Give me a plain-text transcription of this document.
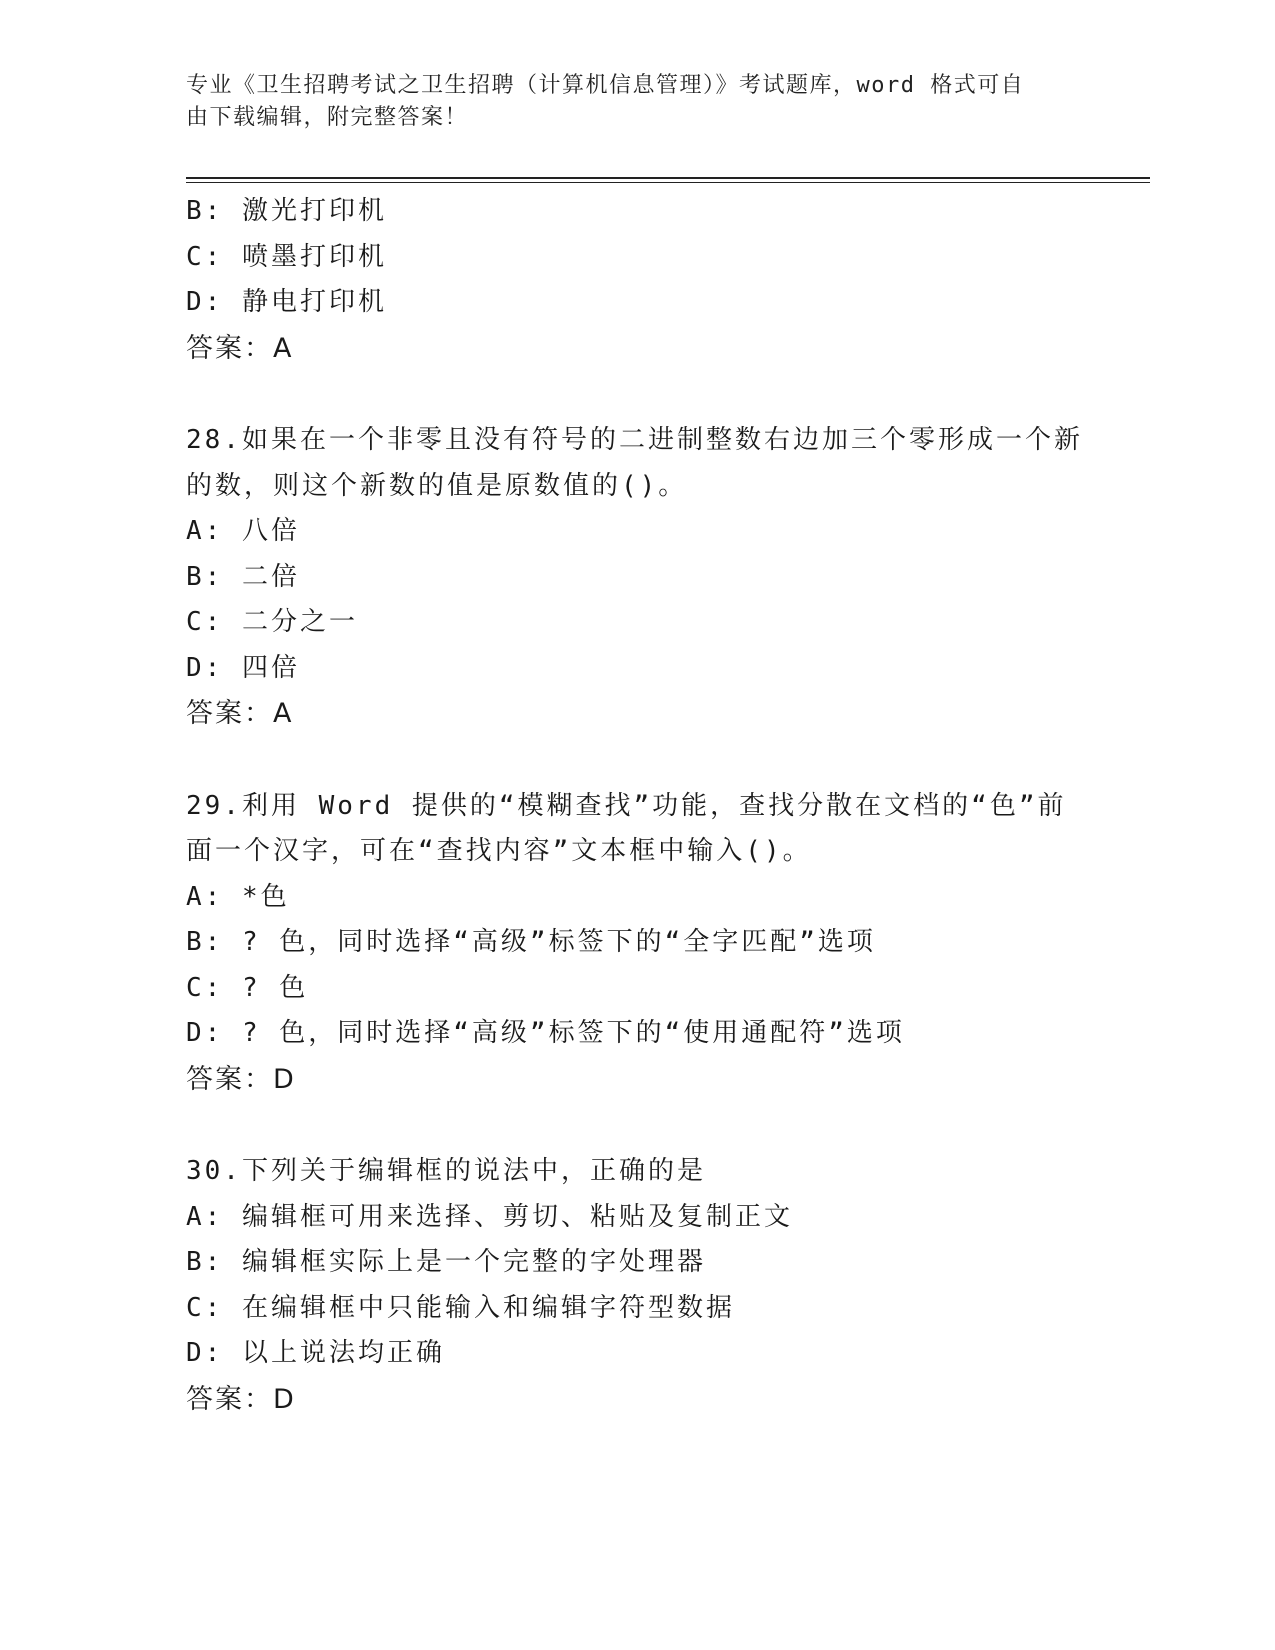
专业《卫生招聘考试之卫生招聘（计算机信息管理）》考试题库，word 格式可自
由下载编辑，附完整答案！
B: 激光打印机
C: 喷墨打印机
D: 静电打印机
答案：A
28.如果在一个非零且没有符号的二进制整数右边加三个零形成一个新
的数，则这个新数的值是原数值的()。
A: 八倍
B: 二倍
C: 二分之一
D: 四倍
答案：A
29.利用 Word 提供的“模糊查找”功能，查找分散在文档的“色”前
面一个汉字，可在“查找内容”文本框中输入()。
A: *色
B: ? 色，同时选择“高级”标签下的“全字匹配”选项
C: ? 色
D: ? 色，同时选择“高级”标签下的“使用通配符”选项
答案：D
30.下列关于编辑框的说法中，正确的是
A: 编辑框可用来选择、剪切、粘贴及复制正文
B: 编辑框实际上是一个完整的字处理器
C: 在编辑框中只能输入和编辑字符型数据
D: 以上说法均正确
答案：D
